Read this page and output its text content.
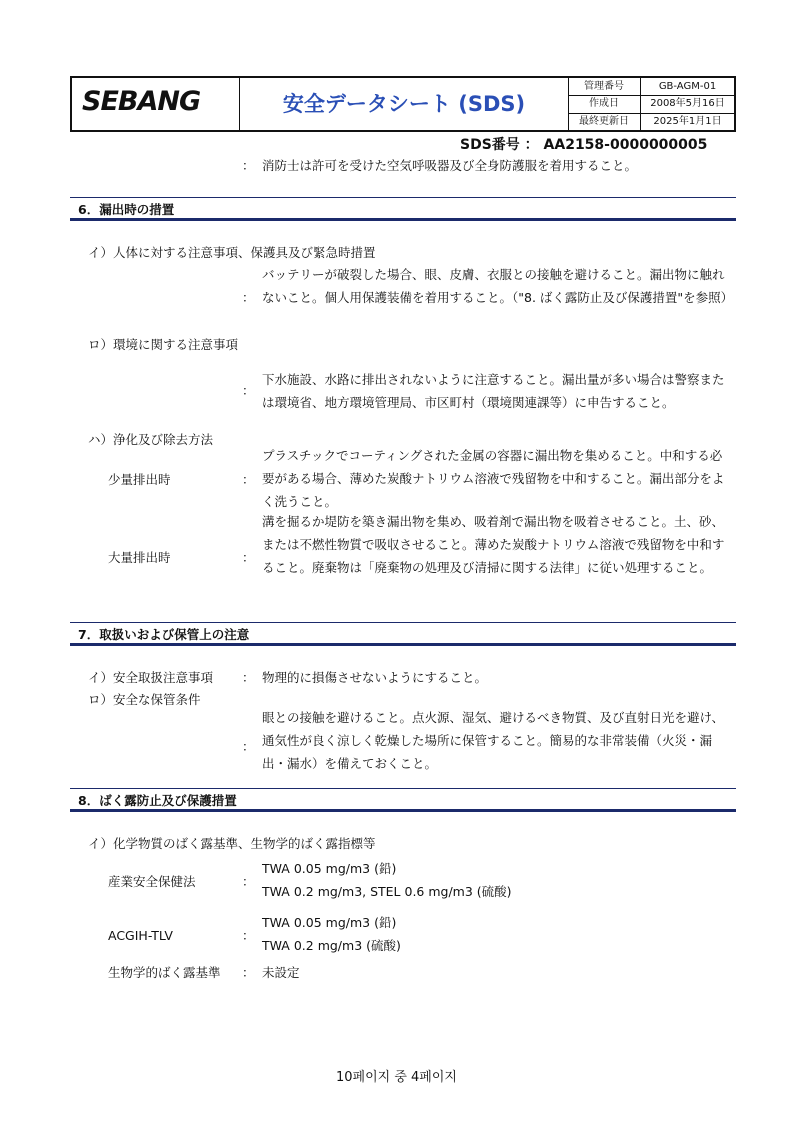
SEBANG	安全データシート (SDS)
管理番号	GB-AGM-01
作成日	2008年5月16日
最終更新日	2025年1月1日
SDS番号 ： AA2158-0000000005
： 消防士は許可を受けた空気呼吸器及び全身防護服を着用すること。
6．漏出時の措置
イ）人体に対する注意事項、保護具及び緊急時措置
：
バッテリーが破裂した場合、眼、皮膚、衣服との接触を避けること。漏出物に触れないこと。個人用保護装備を着用すること。（"8. ばく露防止及び保護措置"を参照）
ロ）環境に関する注意事項
：
下水施設、水路に排出されないように注意すること。漏出量が多い場合は警察または環境省、地方環境管理局、市区町村（環境関連課等）に申告すること。
ハ）浄化及び除去方法
少量排出時	：
プラスチックでコーティングされた金属の容器に漏出物を集めること。中和する必要がある場合、薄めた炭酸ナトリウム溶液で残留物を中和すること。漏出部分をよく洗うこと。
大量排出時	：
溝を掘るか堤防を築き漏出物を集め、吸着剤で漏出物を吸着させること。土、砂、または不燃性物質で吸収させること。薄めた炭酸ナトリウム溶液で残留物を中和すること。廃棄物は「廃棄物の処理及び清掃に関する法律」に従い処理すること。
7．取扱いおよび保管上の注意
イ）安全取扱注意事項 ： 物理的に損傷させないようにすること。
ロ）安全な保管条件
：
眼との接触を避けること。点火源、湿気、避けるべき物質、及び直射日光を避け、通気性が良く涼しく乾燥した場所に保管すること。簡易的な非常装備（火災・漏出・漏水）を備えておくこと。
8．ばく露防止及び保護措置
イ）化学物質のばく露基準、生物学的ばく露指標等
産業安全保健法	：
TWA 0.05 mg/m3 (鉛)
TWA 0.2 mg/m3, STEL 0.6 mg/m3 (硫酸)
ACGIH-TLV	：
TWA 0.05 mg/m3 (鉛)
TWA 0.2 mg/m3 (硫酸)
生物学的ばく露基準 ： 未設定
10페이지 중 4페이지
